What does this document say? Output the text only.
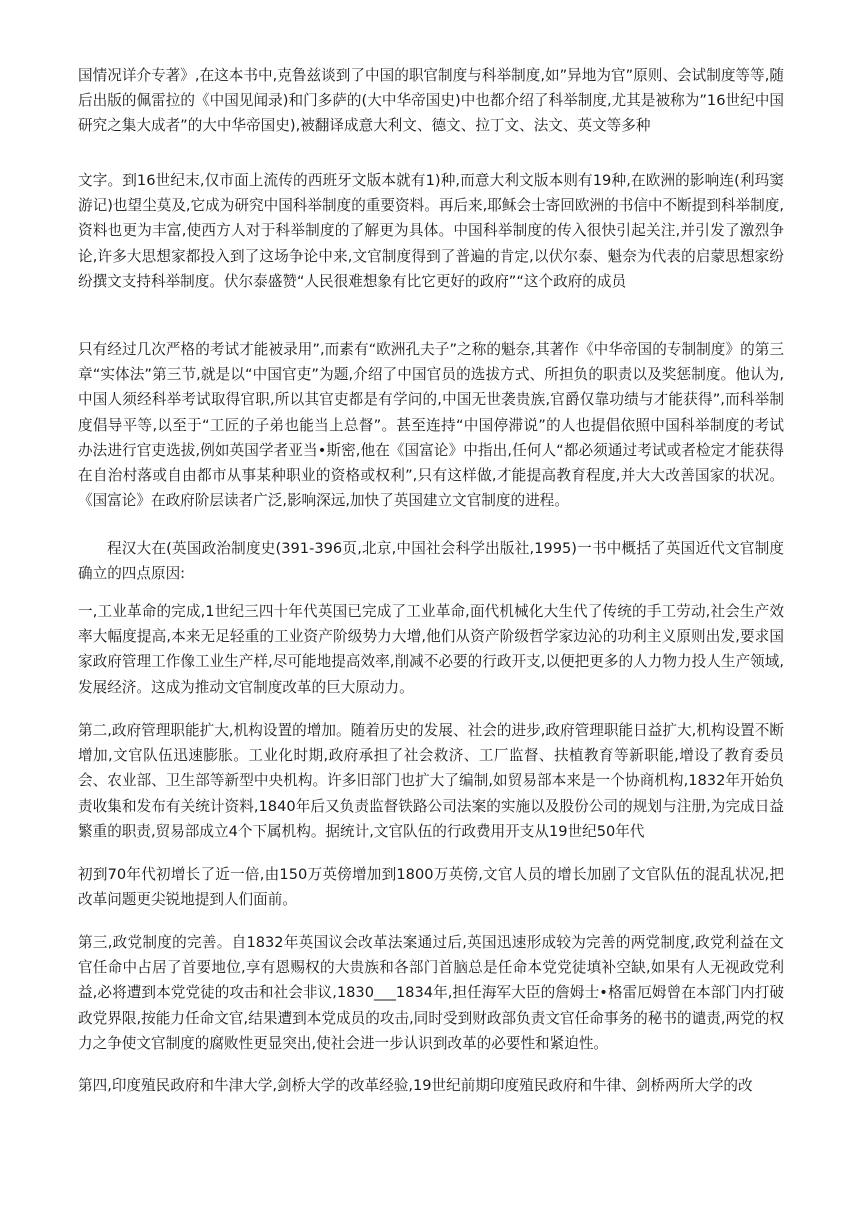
国情况详介专著》,在这本书中,克鲁兹谈到了中国的职官制度与科举制度,如”异地为官”原则、会试制度等等,随后出版的佩雷拉的《中国见闻录)和门多萨的(大中华帝国史)中也都介绍了科举制度,尤其是被称为”16世纪中国研究之集大成者”的大中华帝国史),被翻译成意大利文、德文、拉丁文、法文、英文等多种

文字。到16世纪末,仅市面上流传的西班牙文版本就有1)种,而意大利文版本则有19种,在欧洲的影响连(利玛窦游记)也望尘莫及,它成为研究中国科举制度的重要资料。再后来,耶稣会士寄回欧洲的书信中不断提到科举制度,资料也更为丰富,使西方人对于科举制度的了解更为具体。中国科举制度的传入很快引起关注,并引发了激烈争论,许多大思想家都投入到了这场争论中来,文官制度得到了普遍的肯定,以伏尔泰、魁奈为代表的启蒙思想家纷纷撰文支持科举制度。伏尔泰盛赞“人民很难想象有比它更好的政府”“这个政府的成员

只有经过几次严格的考试才能被录用”,而素有“欧洲孔夫子”之称的魁奈,其著作《中华帝国的专制制度》的第三章“实体法”第三节,就是以“中国官吏”为题,介绍了中国官员的选拔方式、所担负的职责以及奖惩制度。他认为,中国人须经科举考试取得官职,所以其官吏都是有学问的,中国无世袭贵族,官爵仅靠功绩与才能获得”,而科举制度倡导平等,以至于“工匠的子弟也能当上总督”。甚至连持“中国停滞说”的人也提倡依照中国科举制度的考试办法进行官吏选拔,例如英国学者亚当•斯密,他在《国富论》中指出,任何人“都必须通过考试或者检定才能获得在自治村落或自由都市从事某种职业的资格或权利”,只有这样做,才能提高教育程度,并大大改善国家的状况。《国富论》在政府阶层读者广泛,影响深远,加快了英国建立文官制度的进程。

程汉大在(英国政治制度史(391-396页,北京,中国社会科学出版社,1995)一书中概括了英国近代文官制度确立的四点原因:

一,工业革命的完成,1世纪三四十年代英国已完成了工业革命,面代机械化大生代了传统的手工劳动,社会生产效率大幅度提高,本来无足轻重的工业资产阶级势力大增,他们从资产阶级哲学家边沁的功利主义原则出发,要求国家政府管理工作像工业生产样,尽可能地提高效率,削减不必要的行政开支,以便把更多的人力物力投人生产领域,发展经济。这成为推动文官制度改革的巨大原动力。

第二,政府管理职能扩大,机构设置的增加。随着历史的发展、社会的进步,政府管理职能日益扩大,机构设置不断增加,文官队伍迅速膨胀。工业化时期,政府承担了社会救济、工厂监督、扶植教育等新职能,增设了教育委员会、农业部、卫生部等新型中央机构。许多旧部门也扩大了编制,如贸易部本来是一个协商机构,1832年开始负责收集和发布有关统计资料,1840年后又负责监督铁路公司法案的实施以及股份公司的规划与注册,为完成日益繁重的职责,贸易部成立4个下属机构。据统计,文官队伍的行政费用开支从19世纪50年代

初到70年代初增长了近一倍,由150万英傍增加到1800万英傍,文官人员的增长加剧了文官队伍的混乱状况,把改革问题更尖锐地提到人们面前。

第三,政党制度的完善。自1832年英国议会改革法案通过后,英国迅速形成较为完善的两党制度,政党利益在文官任命中占居了首要地位,享有恩赐权的大贵族和各部门首脑总是任命本党党徒填补空缺,如果有人无视政党利益,必将遭到本党党徒的攻击和社会非议,1830___1834年,担任海军大臣的詹姆士•格雷厄姆曾在本部门内打破政党界限,按能力任命文官,结果遭到本党成员的攻击,同时受到财政部负责文官任命事务的秘书的谴责,两党的权力之争使文官制度的腐败性更显突出,使社会进一步认识到改革的必要性和紧迫性。

第四,印度殖民政府和牛津大学,剑桥大学的改革经验,19世纪前期印度殖民政府和牛律、剑桥两所大学的改
